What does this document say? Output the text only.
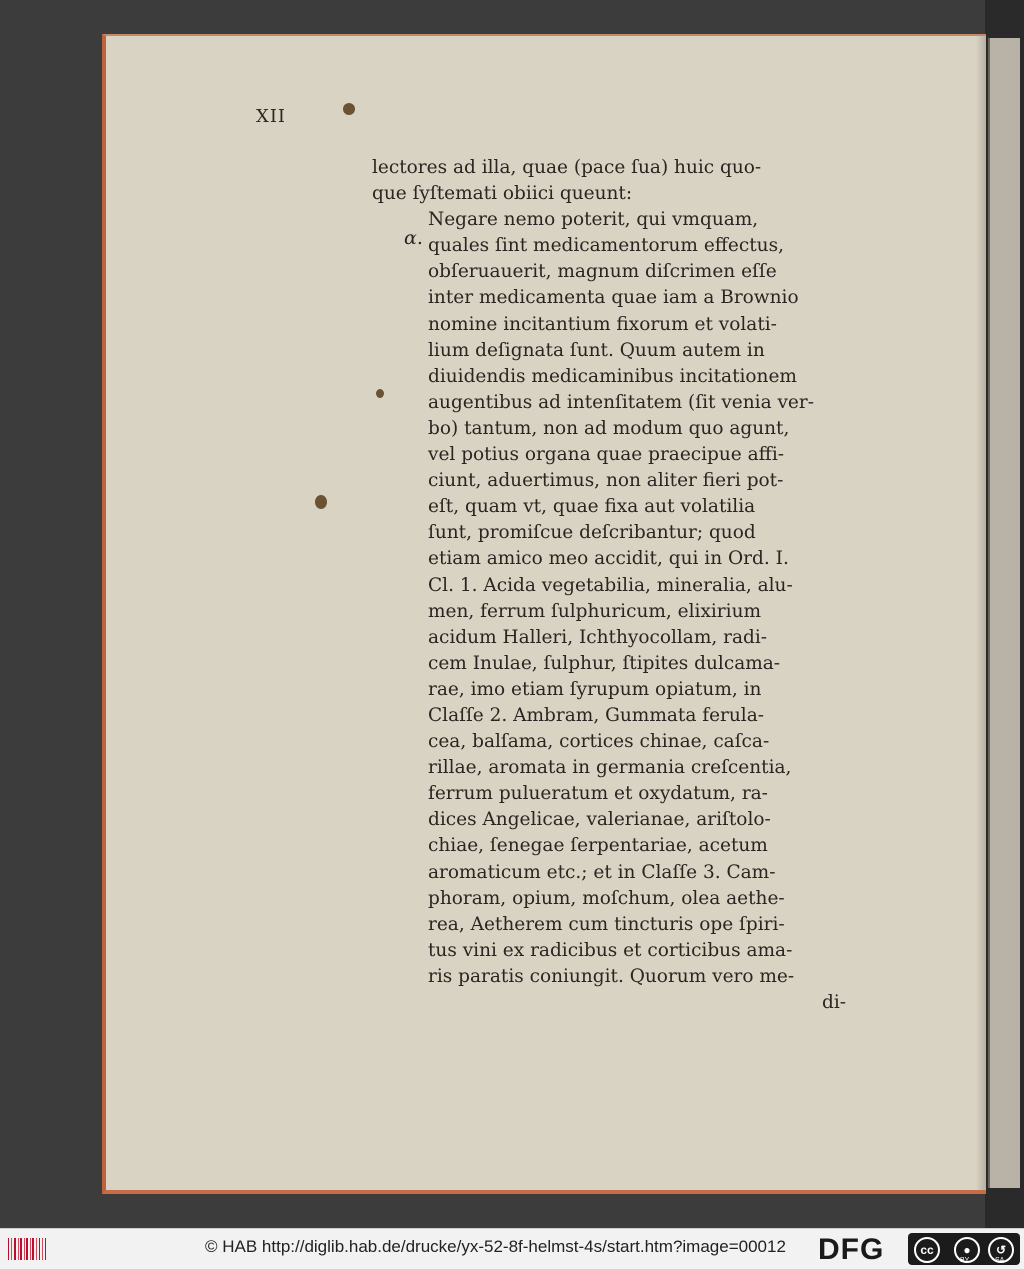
XII
α.
lectores ad illa, quae (pace ſua) huic quo-
que ſyſtemati obiici queunt:
Negare nemo poterit, qui vmquam,
quales ſint medicamentorum effectus,
obſeruauerit, magnum diſcrimen eſſe
inter medicamenta quae iam a Brownio
nomine incitantium fixorum et volati-
lium deſignata ſunt. Quum autem in
diuidendis medicaminibus incitationem
augentibus ad intenſitatem (ſit venia ver-
bo) tantum, non ad modum quo agunt,
vel potius organa quae praecipue affi-
ciunt, aduertimus, non aliter fieri pot-
eſt, quam vt, quae fixa aut volatilia
ſunt, promiſcue deſcribantur; quod
etiam amico meo accidit, qui in Ord. I.
Cl. 1. Acida vegetabilia, mineralia, alu-
men, ferrum ſulphuricum, elixirium
acidum Halleri, Ichthyocollam, radi-
cem Inulae, ſulphur, ſtipites dulcama-
rae, imo etiam ſyrupum opiatum, in
Claſſe 2. Ambram, Gummata ferula-
cea, balſama, cortices chinae, caſca-
rillae, aromata in germania creſcentia,
ferrum pulueratum et oxydatum, ra-
dices Angelicae, valerianae, ariſtolo-
chiae, ſenegae ſerpentariae, acetum
aromaticum etc.; et in Claſſe 3. Cam-
phoram, opium, moſchum, olea aethe-
rea, Aetherem cum tincturis ope ſpiri-
tus vini ex radicibus et corticibus ama-
ris paratis coniungit. Quorum vero me-
di-
© HAB http://diglib.hab.de/drucke/yx-52-8f-helmst-4s/start.htm?image=00012 DFG	cc	●
BY
↺
SA
